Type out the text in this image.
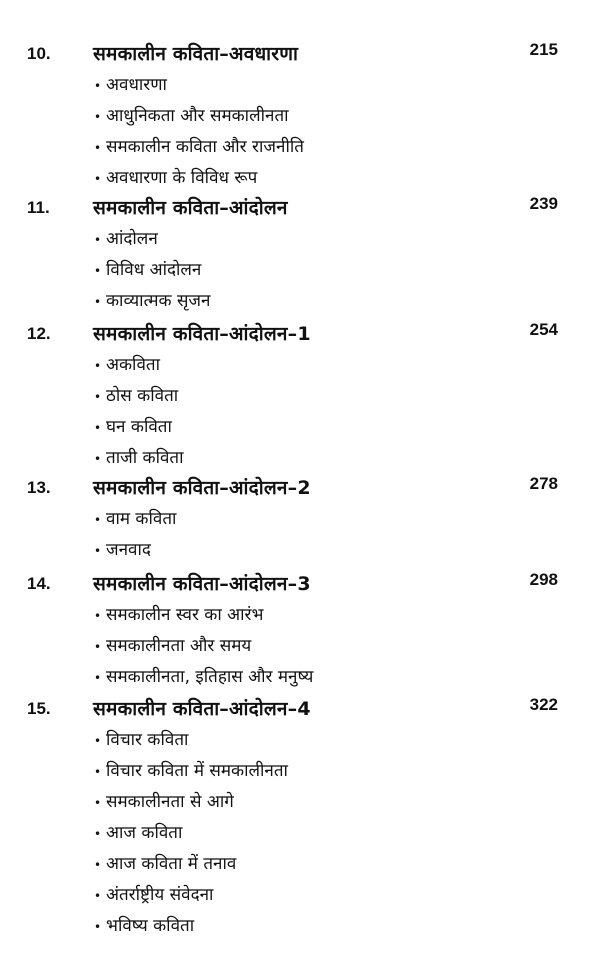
10. समकालीन कविता–अवधारणा	215
• अवधारणा
• आधुनिकता और समकालीनता
• समकालीन कविता और राजनीति
• अवधारणा के विविध रूप
11. समकालीन कविता–आंदोलन	239
• आंदोलन
• विविध आंदोलन
• काव्यात्मक सृजन
12. समकालीन कविता–आंदोलन–1	254
• अकविता
• ठोस कविता
• घन कविता
• ताजी कविता
13. समकालीन कविता–आंदोलन–2	278
• वाम कविता
• जनवाद
14. समकालीन कविता–आंदोलन–3	298
• समकालीन स्वर का आरंभ
• समकालीनता और समय
• समकालीनता, इतिहास और मनुष्य
15. समकालीन कविता–आंदोलन–4	322
• विचार कविता
• विचार कविता में समकालीनता
• समकालीनता से आगे
• आज कविता
• आज कविता में तनाव
• अंतर्राष्ट्रीय संवेदना
• भविष्य कविता
